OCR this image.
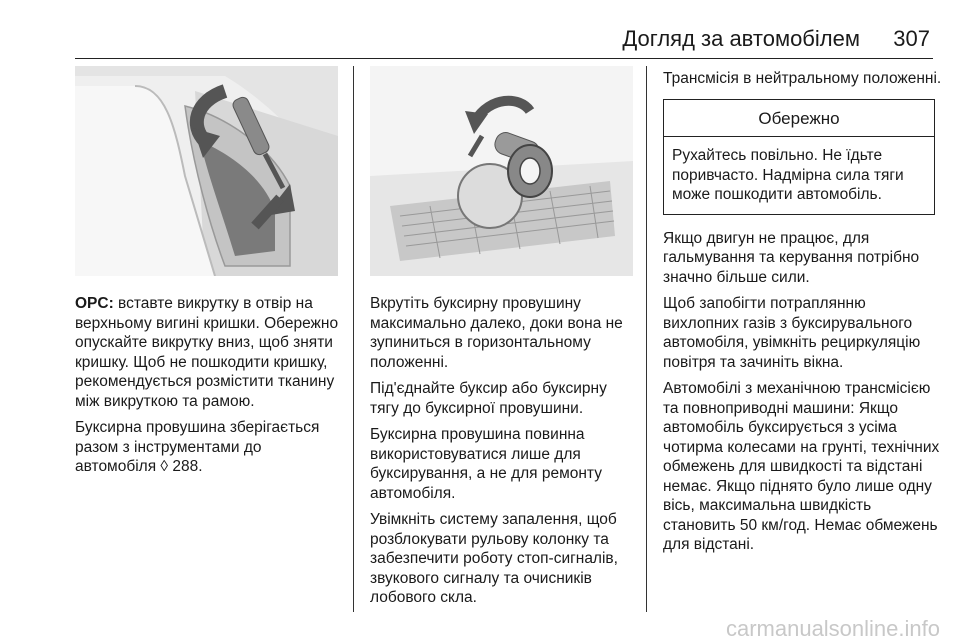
Догляд за автомобілем	307

OPC: вставте викрутку в отвір на верхньому вигині кришки. Обережно опускайте викрутку вниз, щоб зняти кришку. Щоб не пошкодити кришку, рекомендується розмістити тканину між викруткою та рамою.

Буксирна провушина зберігається разом з інструментами до автомобіля ◊ 288.

Вкрутіть буксирну провушину максимально далеко, доки вона не зупиниться в горизонтальному положенні.

Під'єднайте буксир або буксирну тягу до буксирної провушини.

Буксирна провушина повинна використовуватися лише для буксирування, а не для ремонту автомобіля.

Увімкніть систему запалення, щоб розблокувати рульову колонку та забезпечити роботу стоп-сигналів, звукового сигналу та очисників лобового скла.

Трансмісія в нейтральному положенні.

Обережно
Рухайтесь повільно. Не їдьте поривчасто. Надмірна сила тяги може пошкодити автомобіль.

Якщо двигун не працює, для гальмування та керування потрібно значно більше сили.

Щоб запобігти потраплянню вихлопних газів з буксирувального автомобіля, увімкніть рециркуляцію повітря та зачиніть вікна.

Автомобілі з механічною трансмісією та повноприводні машини: Якщо автомобіль буксирується з усіма чотирма колесами на грунті, технічних обмежень для швидкості та відстані немає. Якщо піднято було лише одну вісь, максимальна швидкість становить 50 км/год. Немає обмежень для відстані.

carmanualsonline.info
